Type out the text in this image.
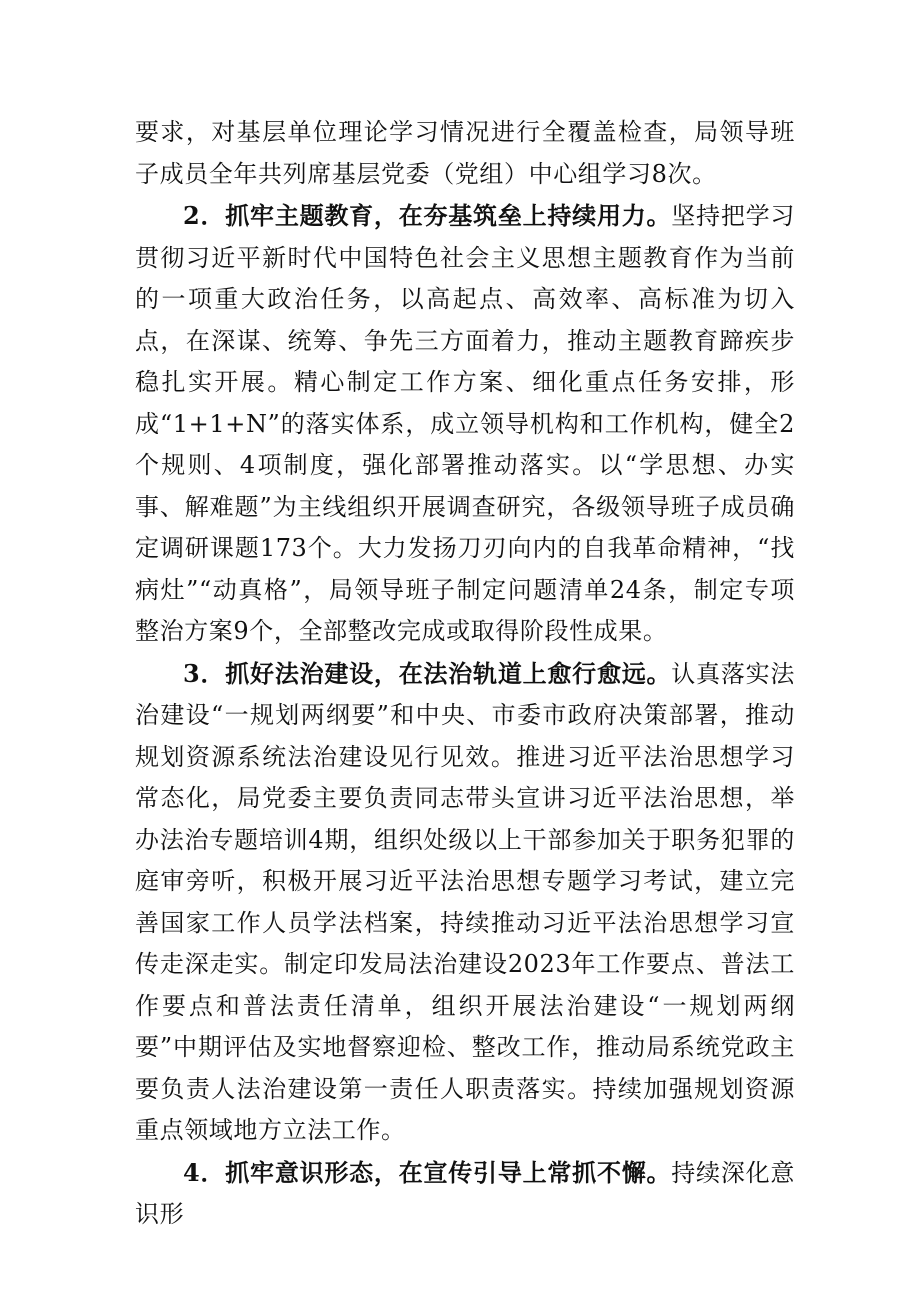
要求，对基层单位理论学习情况进行全覆盖检查，局领导班子成员全年共列席基层党委（党组）中心组学习8次。

2．抓牢主题教育，在夯基筑垒上持续用力。坚持把学习贯彻习近平新时代中国特色社会主义思想主题教育作为当前的一项重大政治任务，以高起点、高效率、高标准为切入点，在深谋、统筹、争先三方面着力，推动主题教育蹄疾步稳扎实开展。精心制定工作方案、细化重点任务安排，形成“1+1+N”的落实体系，成立领导机构和工作机构，健全2个规则、4项制度，强化部署推动落实。以“学思想、办实事、解难题”为主线组织开展调查研究，各级领导班子成员确定调研课题173个。大力发扬刀刃向内的自我革命精神，“找病灶”“动真格”，局领导班子制定问题清单24条，制定专项整治方案9个，全部整改完成或取得阶段性成果。

3．抓好法治建设，在法治轨道上愈行愈远。认真落实法治建设“一规划两纲要”和中央、市委市政府决策部署，推动规划资源系统法治建设见行见效。推进习近平法治思想学习常态化，局党委主要负责同志带头宣讲习近平法治思想，举办法治专题培训4期，组织处级以上干部参加关于职务犯罪的庭审旁听，积极开展习近平法治思想专题学习考试，建立完善国家工作人员学法档案，持续推动习近平法治思想学习宣传走深走实。制定印发局法治建设2023年工作要点、普法工作要点和普法责任清单，组织开展法治建设“一规划两纲要”中期评估及实地督察迎检、整改工作，推动局系统党政主要负责人法治建设第一责任人职责落实。持续加强规划资源重点领域地方立法工作。

4．抓牢意识形态，在宣传引导上常抓不懈。持续深化意识形
